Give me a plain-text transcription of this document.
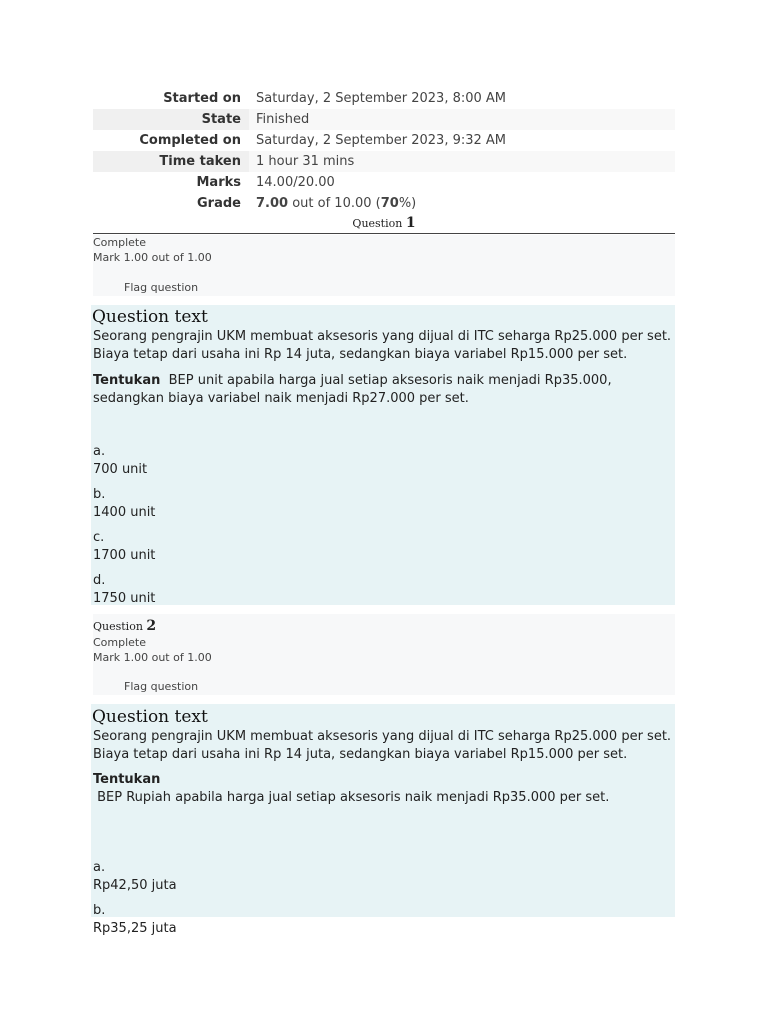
Started on	Saturday, 2 September 2023, 8:00 AM
State	Finished
Completed on	Saturday, 2 September 2023, 9:32 AM
Time taken	1 hour 31 mins
Marks	14.00/20.00
Grade	7.00 out of 10.00 (70%)
Question 1
Complete
Mark 1.00 out of 1.00
Flag question
Question text

Seorang pengrajin UKM membuat aksesoris yang dijual di ITC seharga Rp25.000 per set.

Biaya tetap dari usaha ini Rp 14 juta, sedangkan biaya variabel Rp15.000 per set.

Tentukan  BEP unit apabila harga jual setiap aksesoris naik menjadi Rp35.000,

sedangkan biaya variabel naik menjadi Rp27.000 per set.

a.
700 unit
b.
1400 unit
c.
1700 unit
d.
1750 unit
Question 2
Complete
Mark 1.00 out of 1.00
Flag question
Question text

Seorang pengrajin UKM membuat aksesoris yang dijual di ITC seharga Rp25.000 per set.

Biaya tetap dari usaha ini Rp 14 juta, sedangkan biaya variabel Rp15.000 per set.

Tentukan BEP Rupiah apabila harga jual setiap aksesoris naik menjadi Rp35.000 per set.

a.
Rp42,50 juta
b.
Rp35,25 juta
